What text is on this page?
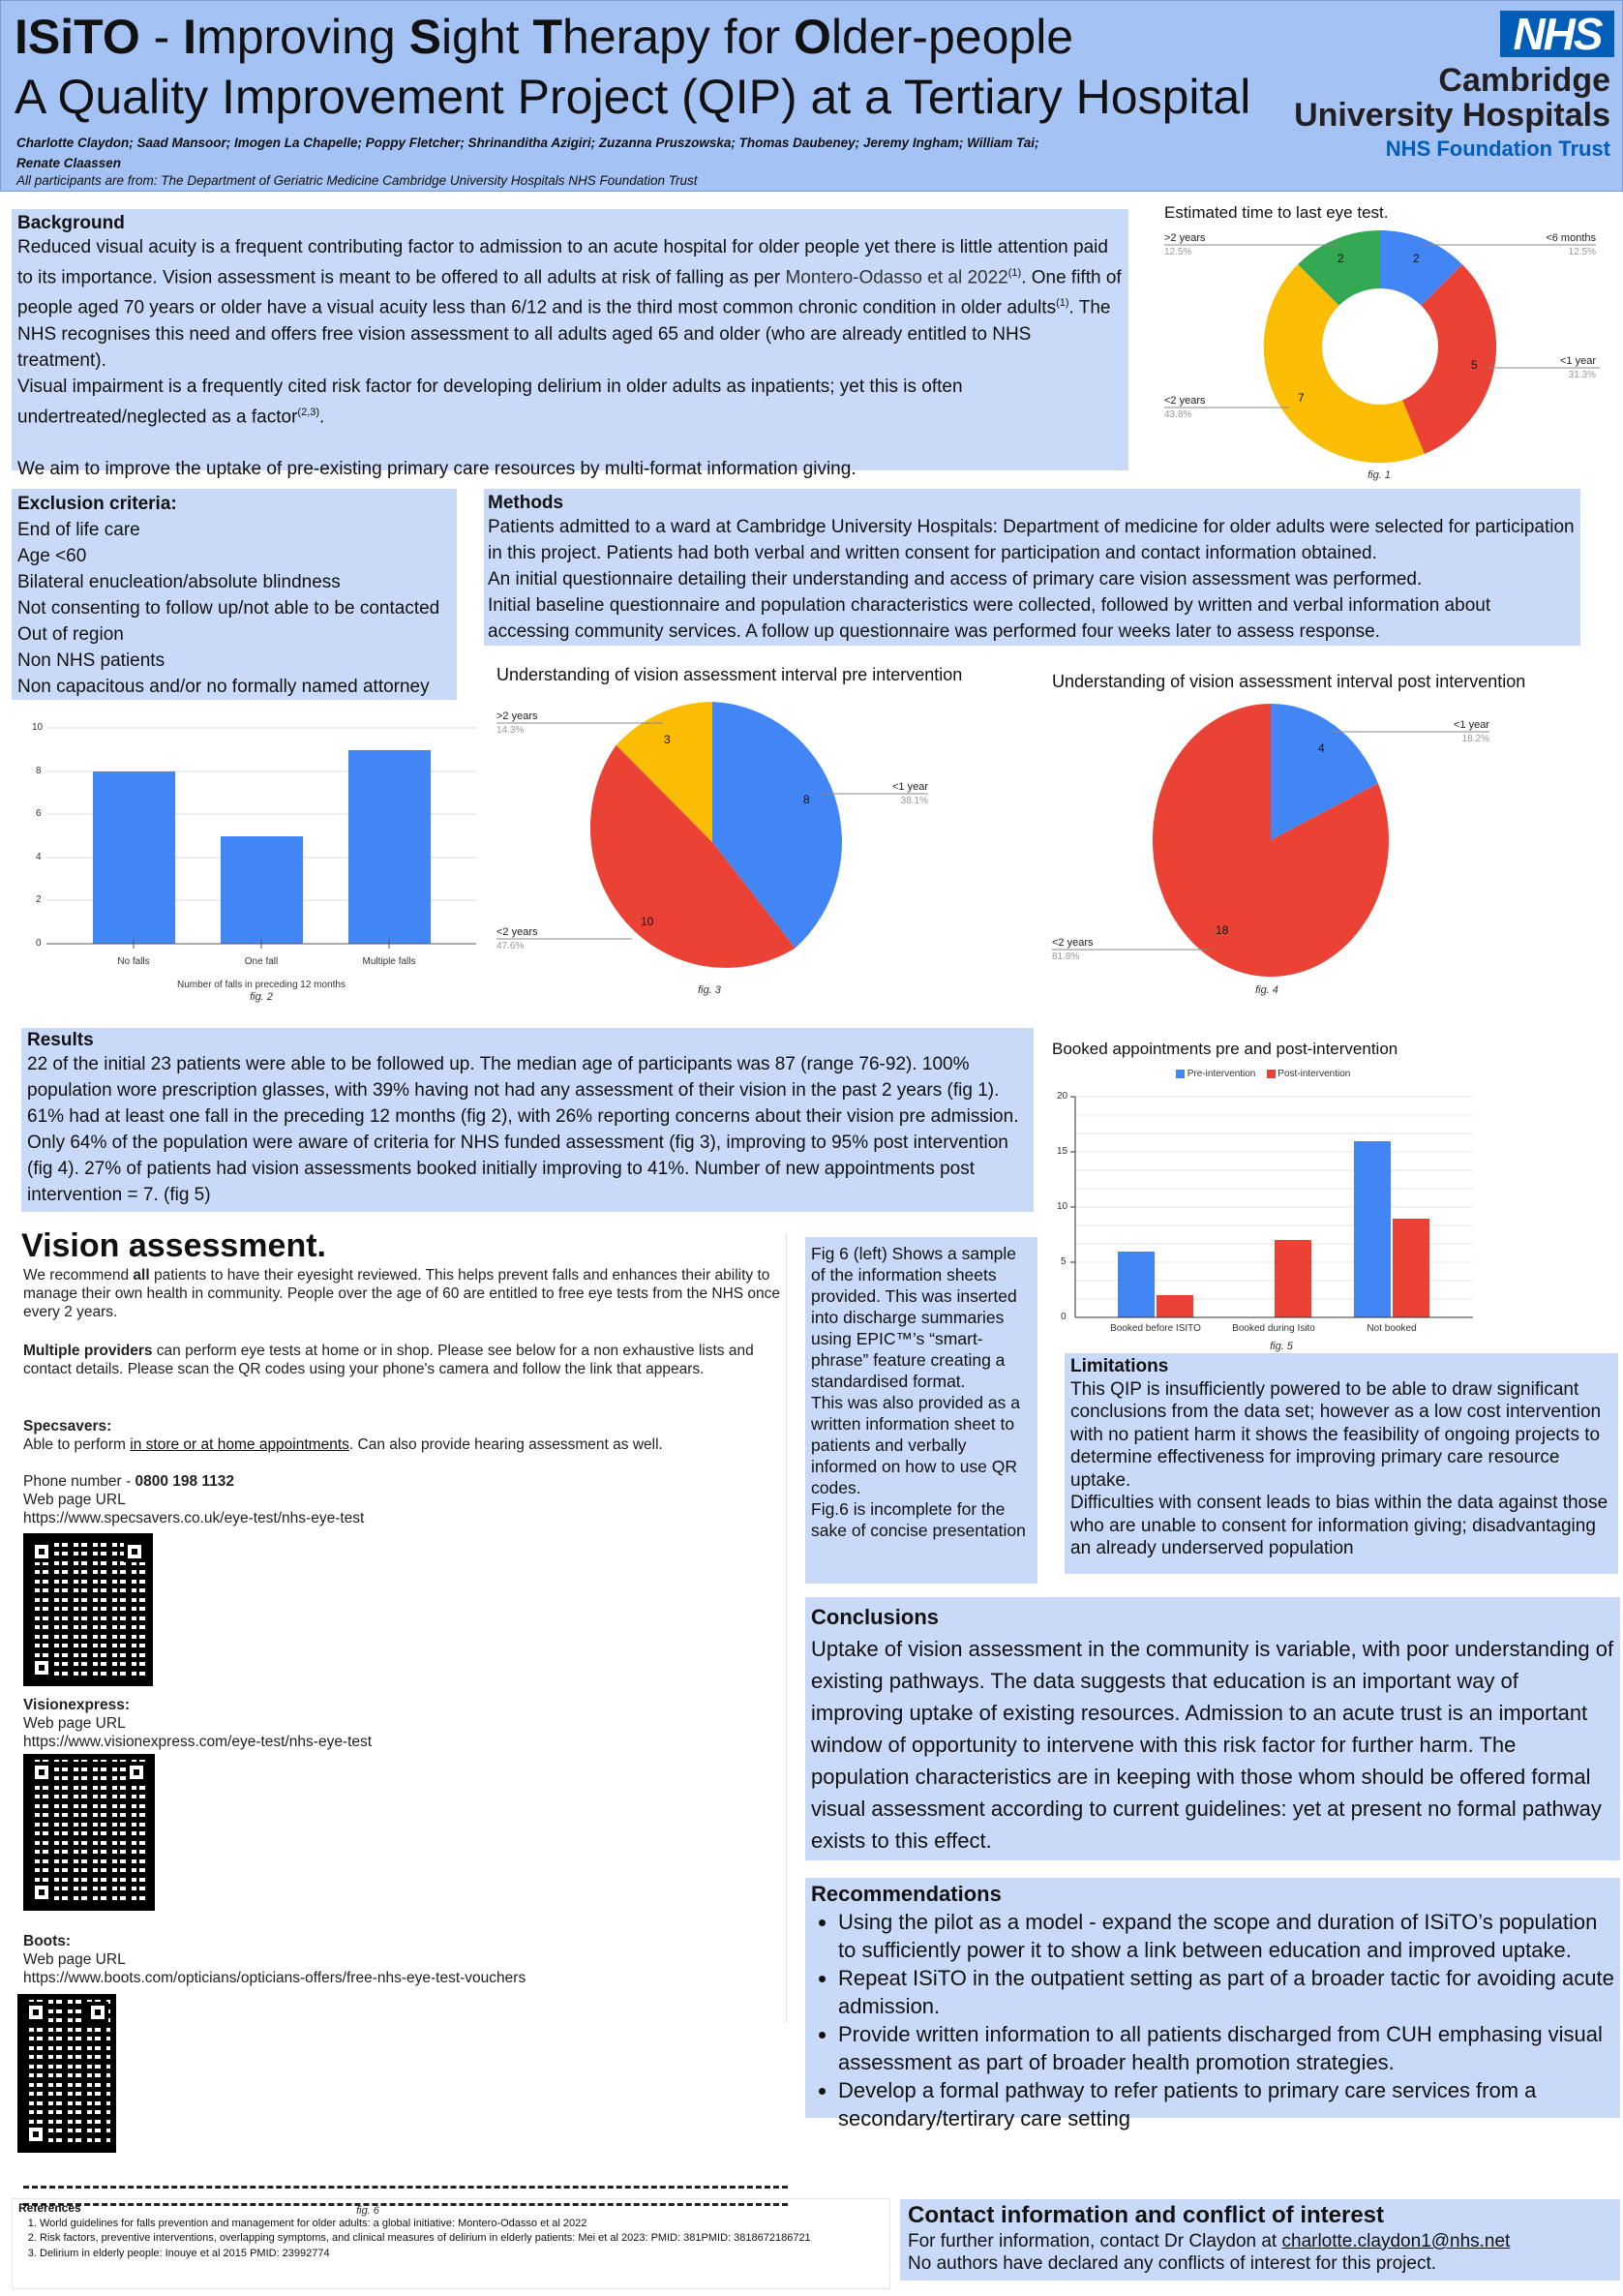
ISiTO - Improving Sight Therapy for Older-people
A Quality Improvement Project (QIP) at a Tertiary Hospital
Charlotte Claydon; Saad Mansoor; Imogen La Chapelle; Poppy Fletcher; Shrinanditha Azigiri; Zuzanna Pruszowska; Thomas Daubeney; Jeremy Ingham; William Tai; Renate Claassen
All participants are from: The Department of Geriatric Medicine Cambridge University Hospitals NHS Foundation Trust
NHS
Cambridge
University Hospitals
NHS Foundation Trust
Background
Reduced visual acuity is a frequent contributing factor to admission to an acute hospital for older people yet there is little attention paid to its importance. Vision assessment is meant to be offered to all adults at risk of falling as per Montero-Odasso et al 2022$^{(1)}$. One fifth of people aged 70 years or older have a visual acuity less than 6/12 and is the third most common chronic condition in older adults$^{(1)}$. The NHS recognises this need and offers free vision assessment to all adults aged 65 and older (who are already entitled to NHS treatment).
Visual impairment is a frequently cited risk factor for developing delirium in older adults as inpatients; yet this is often undertreated/neglected as a factor$^{(2,3)}$.

We aim to improve the uptake of pre-existing primary care resources by multi-format information giving.
Estimated time to last eye test.
>2 years
12.5%
<6 months
12.5%
<1 year
31.3%
<2 years
43.8%
2	2
5
7
fig. 1
Exclusion criteria:
End of life care
Age <60
Bilateral enucleation/absolute blindness
Not consenting to follow up/not able to be contacted
Out of region
Non NHS patients
Non capacitous and/or no formally named attorney
Methods
Patients admitted to a ward at Cambridge University Hospitals: Department of medicine for older adults were selected for participation in this project. Patients had both verbal and written consent for participation and contact information obtained.
An initial questionnaire detailing their understanding and access of primary care vision assessment was performed.
Initial baseline questionnaire and population characteristics were collected, followed by written and verbal information about accessing community services. A follow up questionnaire was performed four weeks later to assess response.
10
8
6
4
2
0
No falls	One fall	Multiple falls
Number of falls in preceding 12 months
fig. 2
Understanding of vision assessment interval pre intervention
>2 years
14.3%
<1 year
38.1%
<2 years
47.6%
3
8
10
fig. 3
Understanding of vision assessment interval post intervention
<1 year
18.2%
<2 years
81.8%
4
18
fig. 4
Results
22 of the initial 23 patients were able to be followed up. The median age of participants was 87 (range 76-92). 100% population wore prescription glasses, with 39% having not had any assessment of their vision in the past 2 years (fig 1). 61% had at least one fall in the preceding 12 months (fig 2), with 26% reporting concerns about their vision pre admission. Only 64% of the population were aware of criteria for NHS funded assessment (fig 3), improving to 95% post intervention (fig 4). 27% of patients had vision assessments booked initially improving to 41%. Number of new appointments post intervention = 7. (fig 5)
Booked appointments pre and post-intervention
Pre-intervention Post-intervention
20
15
10
5
0
Booked before ISITO	Booked during Isito	Not booked
fig. 5
Limitations
This QIP is insufficiently powered to be able to draw significant conclusions from the data set; however as a low cost intervention with no patient harm it shows the feasibility of ongoing projects to determine effectiveness for improving primary care resource uptake.
Difficulties with consent leads to bias within the data against those who are unable to consent for information giving; disadvantaging an already underserved population
Vision assessment.
We recommend all patients to have their eyesight reviewed. This helps prevent falls and enhances their ability to manage their own health in community. People over the age of 60 are entitled to free eye tests from the NHS once every 2 years.
Multiple providers can perform eye tests at home or in shop. Please see below for a non exhaustive lists and contact details. Please scan the QR codes using your phone's camera and follow the link that appears.
Specsavers:
Able to perform in store or at home appointments. Can also provide hearing assessment as well.

Phone number - 0800 198 1132
Web page URL
https://www.specsavers.co.uk/eye-test/nhs-eye-test
Visionexpress:
Web page URL
https://www.visionexpress.com/eye-test/nhs-eye-test
Boots:
Web page URL
https://www.boots.com/opticians/opticians-offers/free-nhs-eye-test-vouchers
fig. 6
Fig 6 (left) Shows a sample of the information sheets provided. This was inserted into discharge summaries using EPIC™’s “smart-phrase” feature creating a standardised format.
This was also provided as a written information sheet to patients and verbally informed on how to use QR codes.
Fig.6 is incomplete for the sake of concise presentation
Conclusions
Uptake of vision assessment in the community is variable, with poor understanding of existing pathways. The data suggests that education is an important way of improving uptake of existing resources. Admission to an acute trust is an important window of opportunity to intervene with this risk factor for further harm. The population characteristics are in keeping with those whom should be offered formal visual assessment according to current guidelines: yet at present no formal pathway exists to this effect.
Recommendations
• Using the pilot as a model - expand the scope and duration of ISiTO’s population to sufficiently power it to show a link between education and improved uptake.
• Repeat ISiTO in the outpatient setting as part of a broader tactic for avoiding acute admission.
• Provide written information to all patients discharged from CUH emphasing visual assessment as part of broader health promotion strategies.
• Develop a formal pathway to refer patients to primary care services from a secondary/tertirary care setting
References
1. World guidelines for falls prevention and management for older adults: a global initiative: Montero-Odasso et al 2022
2. Risk factors, preventive interventions, overlapping symptoms, and clinical measures of delirium in elderly patients: Mei et al 2023: PMID: 381PMID: 3818672186721
3. Delirium in elderly people: Inouye et al 2015 PMID: 23992774
Contact information and conflict of interest
For further information, contact Dr Claydon at charlotte.claydon1@nhs.net
No authors have declared any conflicts of interest for this project.
